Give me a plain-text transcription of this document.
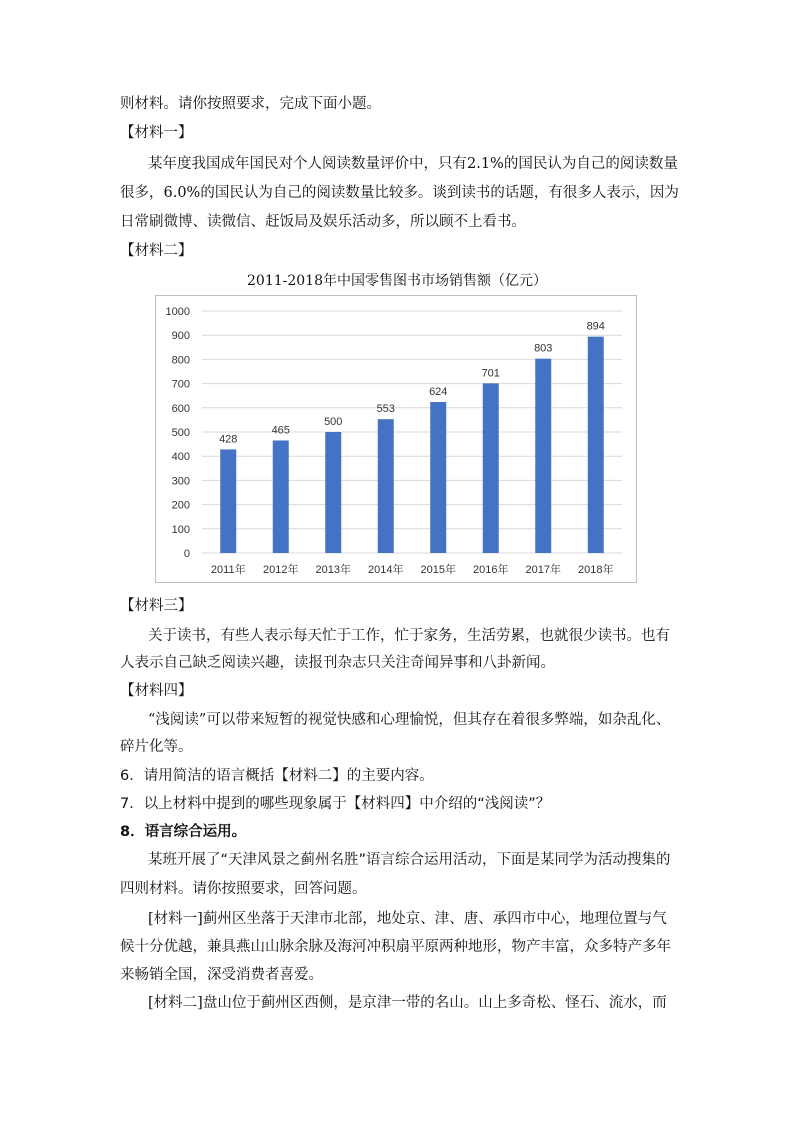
则材料。请你按照要求，完成下面小题。
【材料一】
某年度我国成年国民对个人阅读数量评价中，只有2.1%的国民认为自己的阅读数量
很多，6.0%的国民认为自己的阅读数量比较多。谈到读书的话题，有很多人表示，因为
日常刷微博、读微信、赶饭局及娱乐活动多，所以顾不上看书。
【材料二】
2011-2018年中国零售图书市场销售额（亿元）
0
100
200
300
400
500
600
700
800
900
1000
428
2011年
465
2012年
500
2013年
553
2014年
624
2015年
701
2016年
803
2017年
894
2018年
【材料三】
关于读书，有些人表示每天忙于工作，忙于家务，生活劳累，也就很少读书。也有
人表示自己缺乏阅读兴趣，读报刊杂志只关注奇闻异事和八卦新闻。
【材料四】
“浅阅读”可以带来短暂的视觉快感和心理愉悦，但其存在着很多弊端，如杂乱化、
碎片化等。
6．请用简洁的语言概括【材料二】的主要内容。
7．以上材料中提到的哪些现象属于【材料四】中介绍的“浅阅读”？
8．语言综合运用。
某班开展了“天津风景之蓟州名胜”语言综合运用活动，下面是某同学为活动搜集的
四则材料。请你按照要求，回答问题。
[材料一]蓟州区坐落于天津市北部，地处京、津、唐、承四市中心，地理位置与气
候十分优越，兼具燕山山脉余脉及海河冲积扇平原两种地形，物产丰富，众多特产多年
来畅销全国，深受消费者喜爱。
[材料二]盘山位于蓟州区西侧，是京津一带的名山。山上多奇松、怪石、流水，而
